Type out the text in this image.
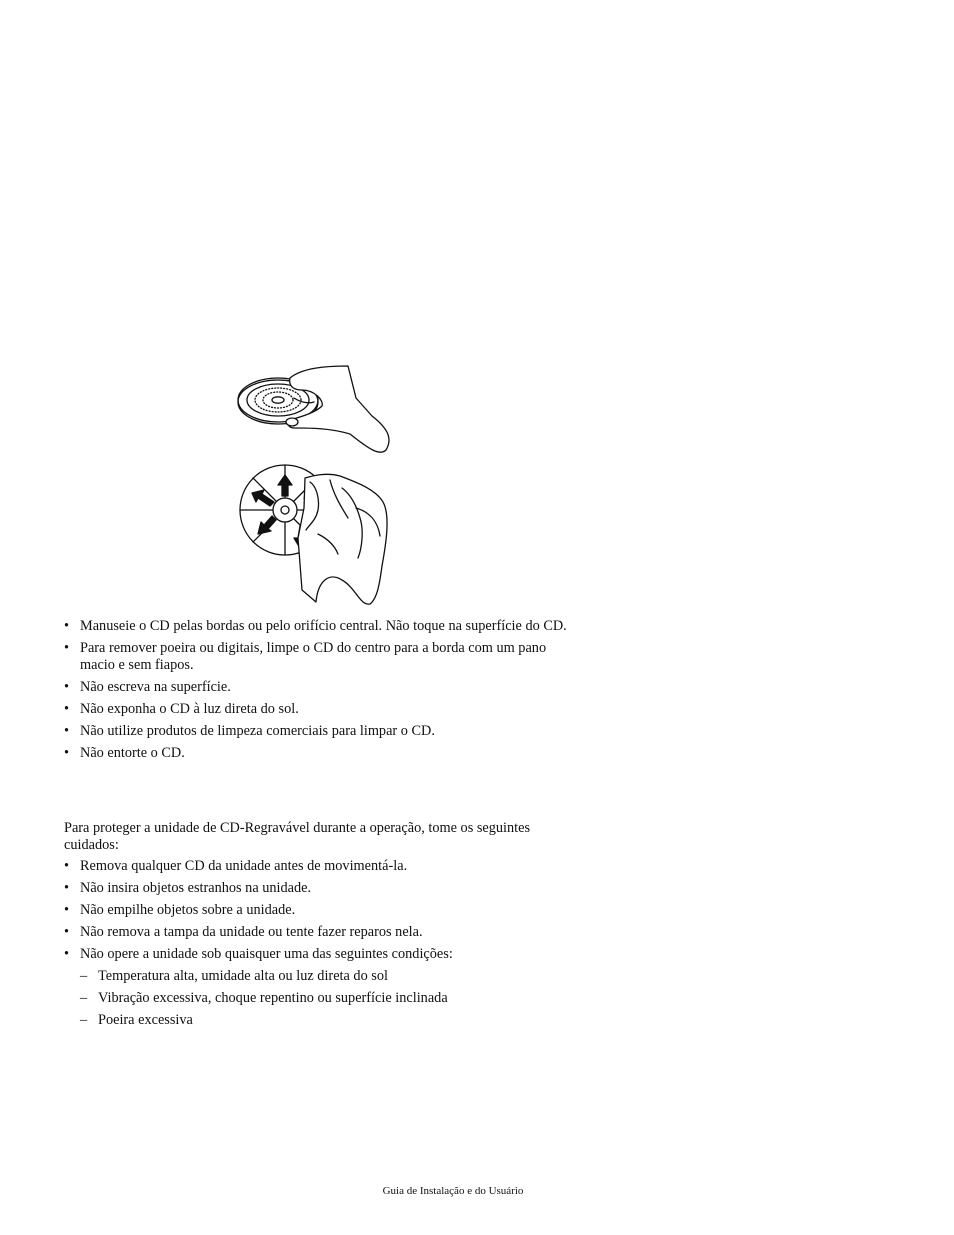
• Manuseie o CD pelas bordas ou pelo orifício central. Não toque na superfície do CD.
• Para remover poeira ou digitais, limpe o CD do centro para a borda com um pano macio e sem fiapos.
• Não escreva na superfície.
• Não exponha o CD à luz direta do sol.
• Não utilize produtos de limpeza comerciais para limpar o CD.
• Não entorte o CD.

Para proteger a unidade de CD-Regravável durante a operação, tome os seguintes cuidados:

• Remova qualquer CD da unidade antes de movimentá-la.
• Não insira objetos estranhos na unidade.
• Não empilhe objetos sobre a unidade.
• Não remova a tampa da unidade ou tente fazer reparos nela.
• Não opere a unidade sob quaisquer uma das seguintes condições:
– Temperatura alta, umidade alta ou luz direta do sol
– Vibração excessiva, choque repentino ou superfície inclinada
– Poeira excessiva
Guia de Instalação e do Usuário
